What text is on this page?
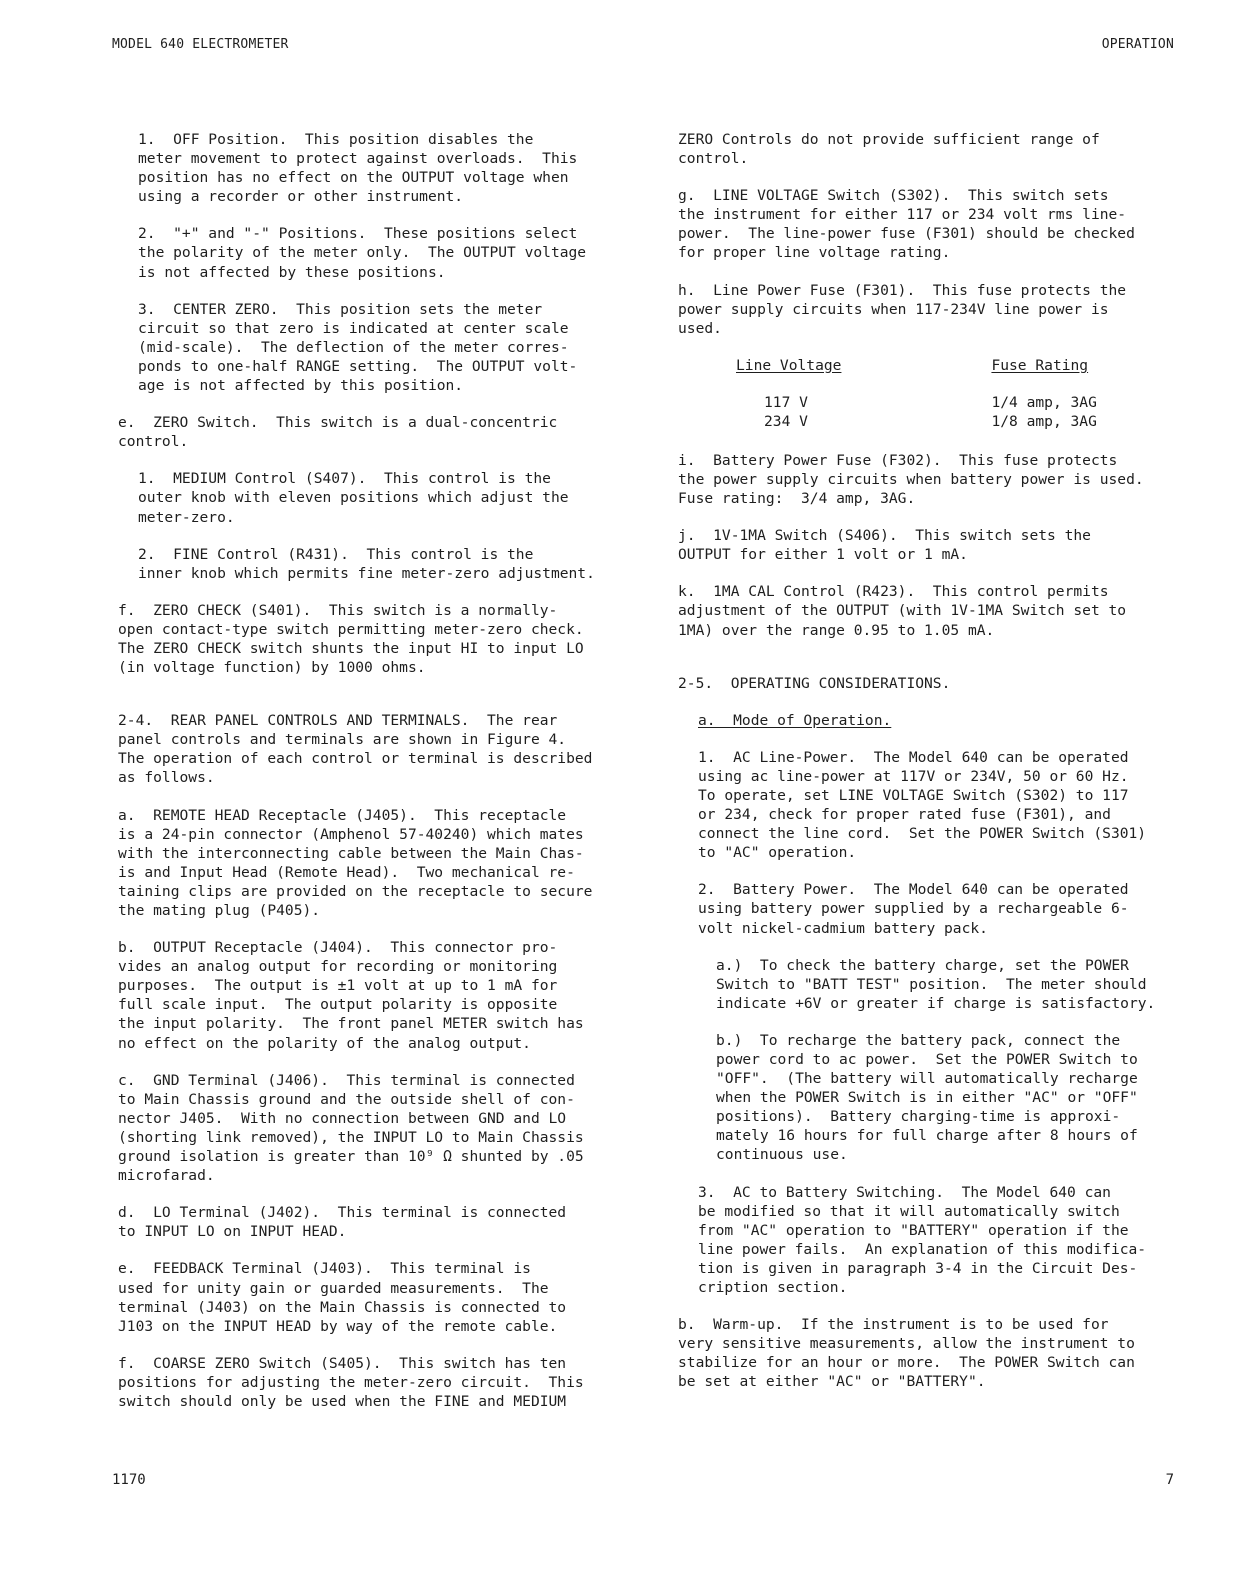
MODEL 640 ELECTROMETER	OPERATION
1.  OFF Position.  This position disables the
meter movement to protect against overloads.  This
position has no effect on the OUTPUT voltage when
using a recorder or other instrument.
2.  "+" and "-" Positions.  These positions select
the polarity of the meter only.  The OUTPUT voltage
is not affected by these positions.
3.  CENTER ZERO.  This position sets the meter
circuit so that zero is indicated at center scale
(mid-scale).  The deflection of the meter corres-
ponds to one-half RANGE setting.  The OUTPUT volt-
age is not affected by this position.
e.  ZERO Switch.  This switch is a dual-concentric
control.
1.  MEDIUM Control (S407).  This control is the
outer knob with eleven positions which adjust the
meter-zero.
2.  FINE Control (R431).  This control is the
inner knob which permits fine meter-zero adjustment.
f.  ZERO CHECK (S401).  This switch is a normally-
open contact-type switch permitting meter-zero check.
The ZERO CHECK switch shunts the input HI to input LO
(in voltage function) by 1000 ohms.
2-4.  REAR PANEL CONTROLS AND TERMINALS.  The rear
panel controls and terminals are shown in Figure 4.
The operation of each control or terminal is described
as follows.
a.  REMOTE HEAD Receptacle (J405).  This receptacle
is a 24-pin connector (Amphenol 57-40240) which mates
with the interconnecting cable between the Main Chas-
is and Input Head (Remote Head).  Two mechanical re-
taining clips are provided on the receptacle to secure
the mating plug (P405).
b.  OUTPUT Receptacle (J404).  This connector pro-
vides an analog output for recording or monitoring
purposes.  The output is ±1 volt at up to 1 mA for
full scale input.  The output polarity is opposite
the input polarity.  The front panel METER switch has
no effect on the polarity of the analog output.
c.  GND Terminal (J406).  This terminal is connected
to Main Chassis ground and the outside shell of con-
nector J405.  With no connection between GND and LO
(shorting link removed), the INPUT LO to Main Chassis
ground isolation is greater than 10⁹ Ω shunted by .05
microfarad.
d.  LO Terminal (J402).  This terminal is connected
to INPUT LO on INPUT HEAD.
e.  FEEDBACK Terminal (J403).  This terminal is
used for unity gain or guarded measurements.  The
terminal (J403) on the Main Chassis is connected to
J103 on the INPUT HEAD by way of the remote cable.
f.  COARSE ZERO Switch (S405).  This switch has ten
positions for adjusting the meter-zero circuit.  This
switch should only be used when the FINE and MEDIUM
ZERO Controls do not provide sufficient range of
control.
g.  LINE VOLTAGE Switch (S302).  This switch sets
the instrument for either 117 or 234 volt rms line-
power.  The line-power fuse (F301) should be checked
for proper line voltage rating.
h.  Line Power Fuse (F301).  This fuse protects the
power supply circuits when 117-234V line power is
used.
Line Voltage	Fuse Rating
117 V	1/4 amp, 3AG
234 V	1/8 amp, 3AG
i.  Battery Power Fuse (F302).  This fuse protects
the power supply circuits when battery power is used.
Fuse rating:  3/4 amp, 3AG.
j.  1V-1MA Switch (S406).  This switch sets the
OUTPUT for either 1 volt or 1 mA.
k.  1MA CAL Control (R423).  This control permits
adjustment of the OUTPUT (with 1V-1MA Switch set to
1MA) over the range 0.95 to 1.05 mA.
2-5.  OPERATING CONSIDERATIONS.
a.  Mode of Operation.
1.  AC Line-Power.  The Model 640 can be operated
using ac line-power at 117V or 234V, 50 or 60 Hz.
To operate, set LINE VOLTAGE Switch (S302) to 117
or 234, check for proper rated fuse (F301), and
connect the line cord.  Set the POWER Switch (S301)
to "AC" operation.
2.  Battery Power.  The Model 640 can be operated
using battery power supplied by a rechargeable 6-
volt nickel-cadmium battery pack.
a.)  To check the battery charge, set the POWER
Switch to "BATT TEST" position.  The meter should
indicate +6V or greater if charge is satisfactory.
b.)  To recharge the battery pack, connect the
power cord to ac power.  Set the POWER Switch to
"OFF".  (The battery will automatically recharge
when the POWER Switch is in either "AC" or "OFF"
positions).  Battery charging-time is approxi-
mately 16 hours for full charge after 8 hours of
continuous use.
3.  AC to Battery Switching.  The Model 640 can
be modified so that it will automatically switch
from "AC" operation to "BATTERY" operation if the
line power fails.  An explanation of this modifica-
tion is given in paragraph 3-4 in the Circuit Des-
cription section.
b.  Warm-up.  If the instrument is to be used for
very sensitive measurements, allow the instrument to
stabilize for an hour or more.  The POWER Switch can
be set at either "AC" or "BATTERY".
1170	7
